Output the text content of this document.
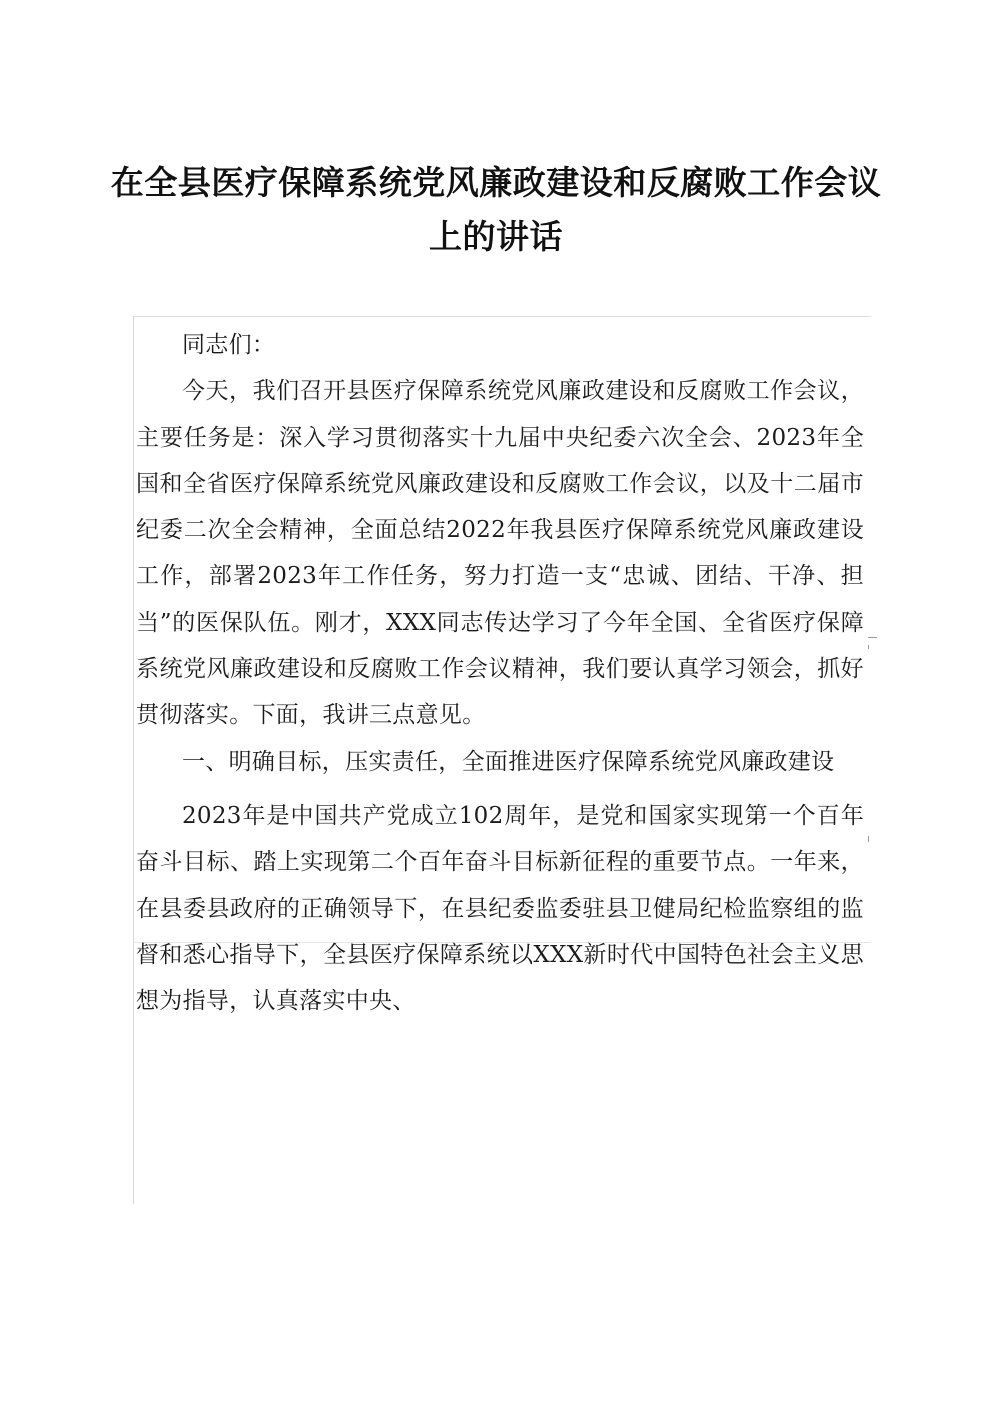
在全县医疗保障系统党风廉政建设和反腐败工作会议上的讲话

同志们：

今天，我们召开县医疗保障系统党风廉政建设和反腐败工作会议，主要任务是：深入学习贯彻落实十九届中央纪委六次全会、2023年全国和全省医疗保障系统党风廉政建设和反腐败工作会议，以及十二届市纪委二次全会精神，全面总结2022年我县医疗保障系统党风廉政建设工作，部署2023年工作任务，努力打造一支“忠诚、团结、干净、担当”的医保队伍。刚才，XXX同志传达学习了今年全国、全省医疗保障系统党风廉政建设和反腐败工作会议精神，我们要认真学习领会，抓好贯彻落实。下面，我讲三点意见。

一、明确目标，压实责任，全面推进医疗保障系统党风廉政建设

2023年是中国共产党成立102周年，是党和国家实现第一个百年奋斗目标、踏上实现第二个百年奋斗目标新征程的重要节点。一年来，在县委县政府的正确领导下，在县纪委监委驻县卫健局纪检监察组的监督和悉心指导下，全县医疗保障系统以XXX新时代中国特色社会主义思想为指导，认真落实中央、
